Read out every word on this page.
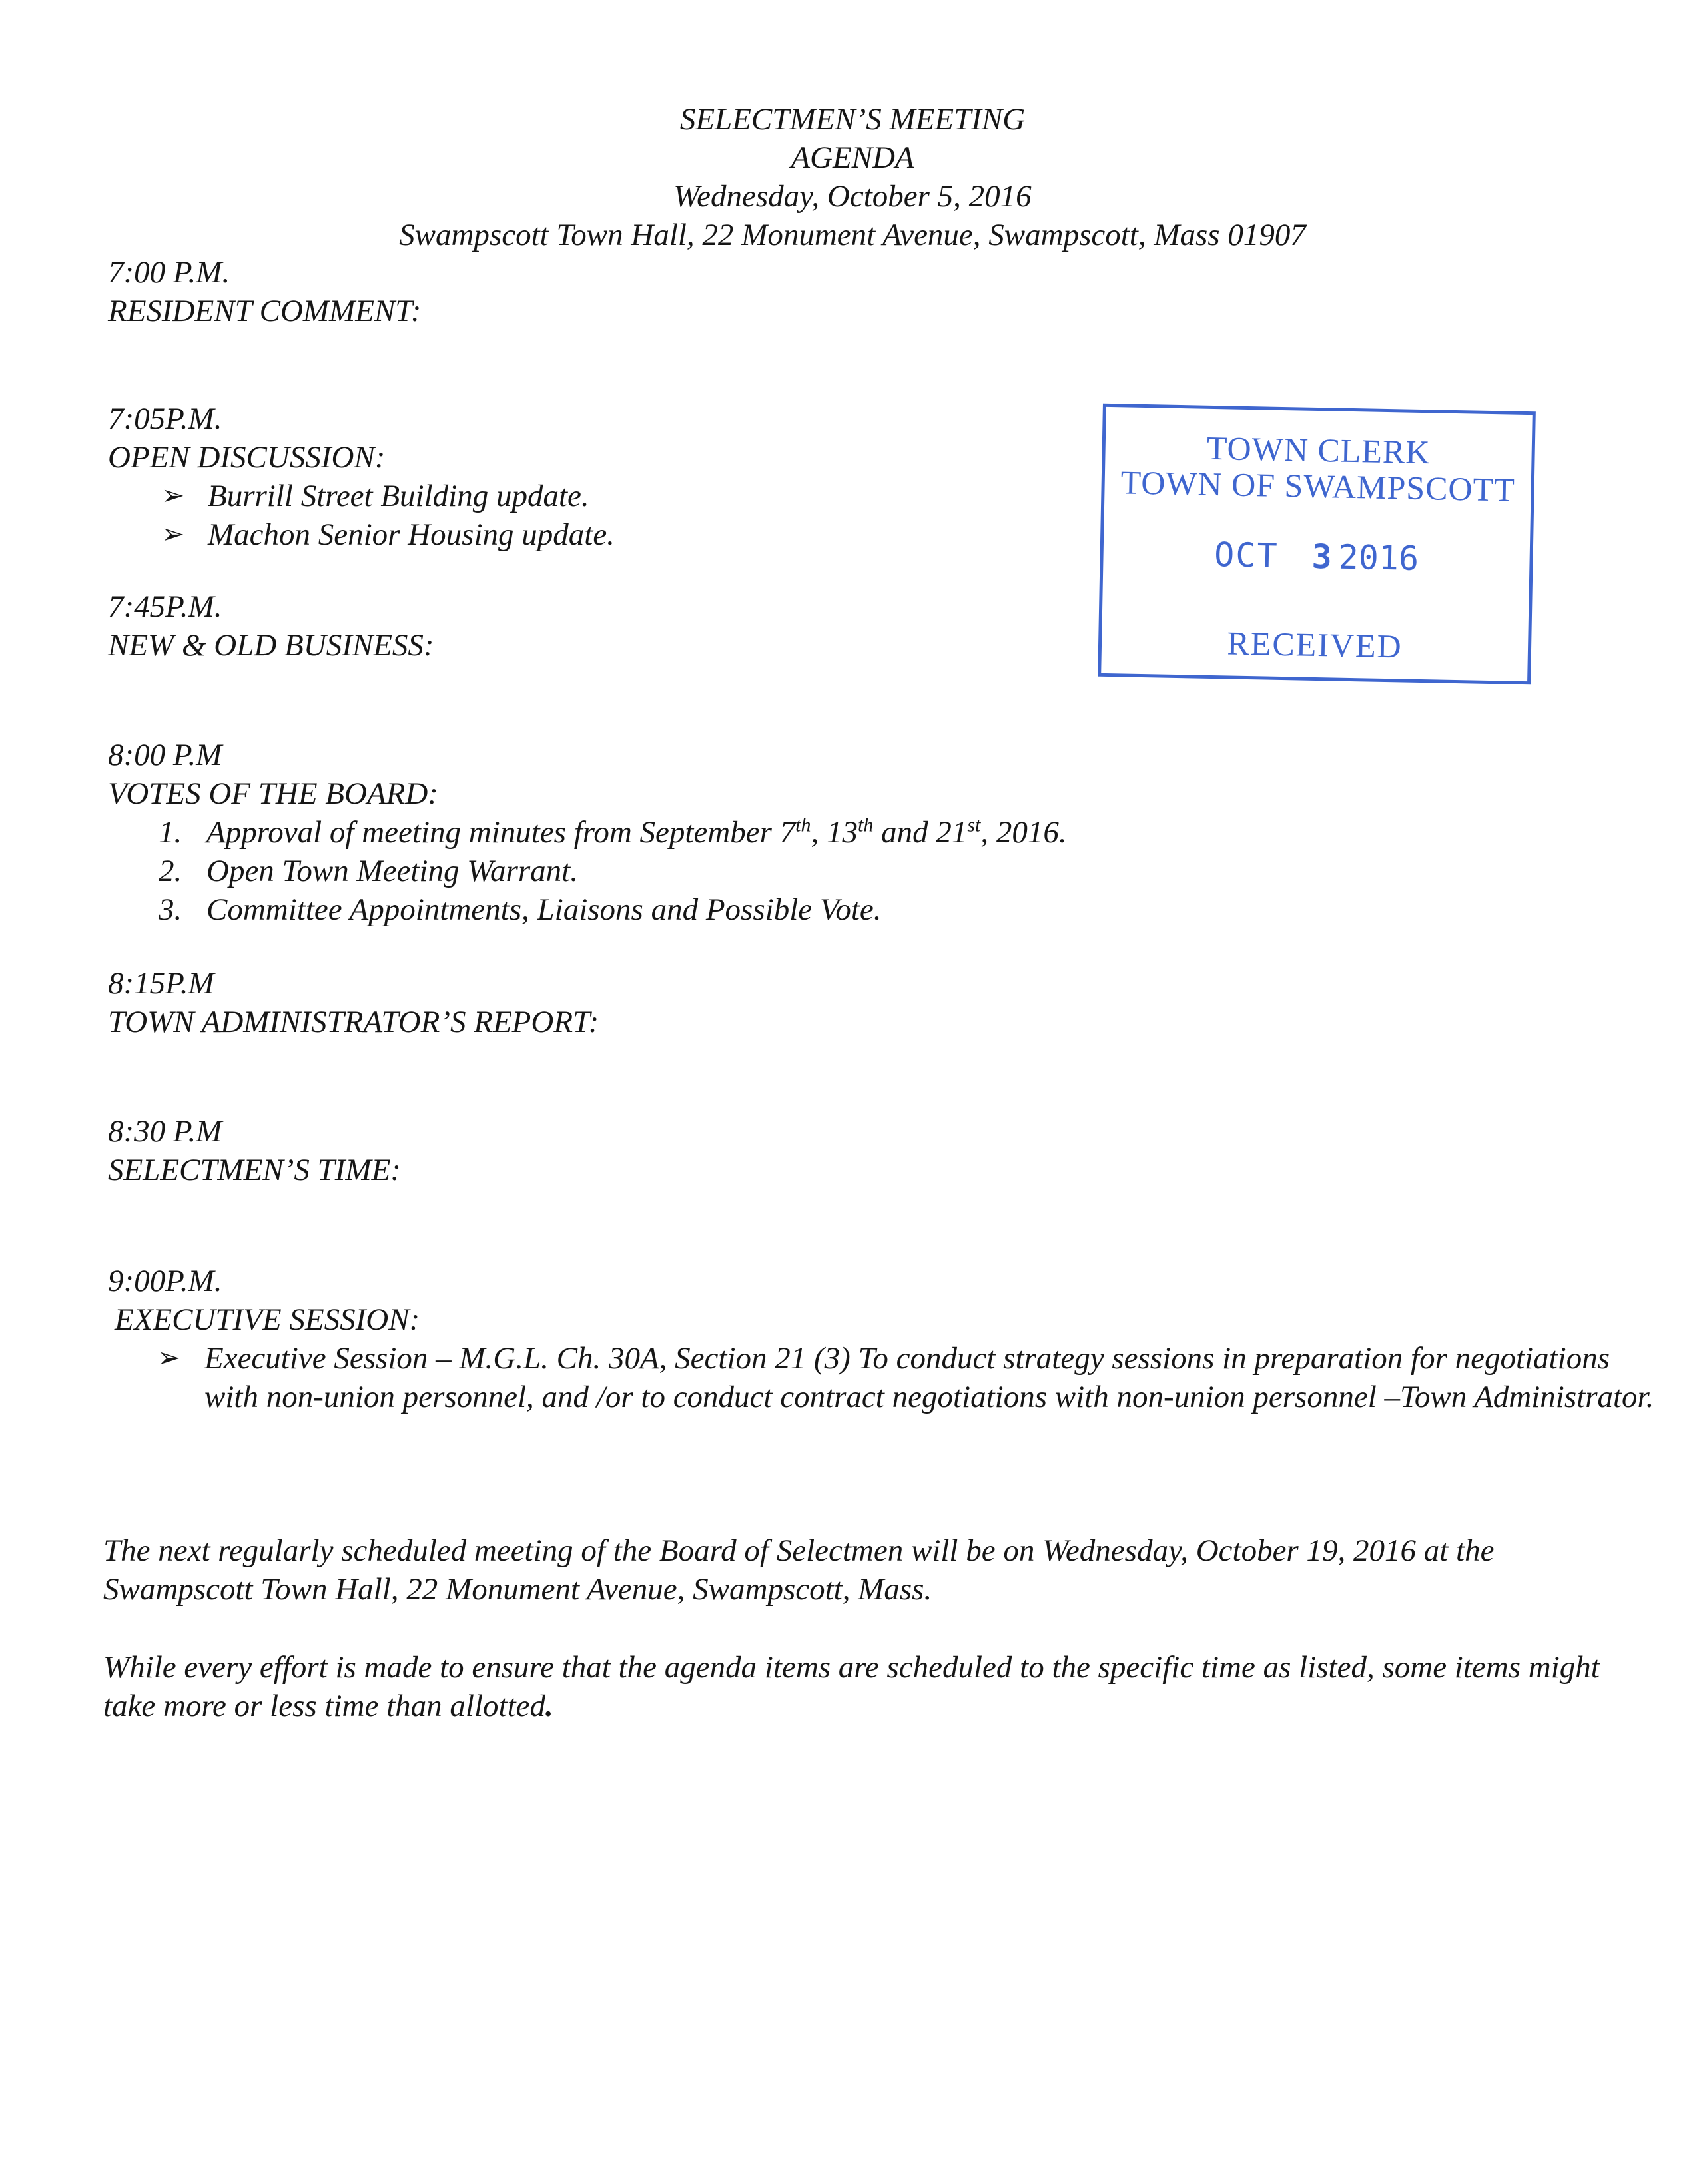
SELECTMEN’S MEETING
AGENDA
Wednesday, October 5, 2016
Swampscott Town Hall, 22 Monument Avenue, Swampscott, Mass 01907
7:00 P.M.
RESIDENT COMMENT:
7:05P.M.
OPEN DISCUSSION:
➢ Burrill Street Building update.
➢ Machon Senior Housing update.
7:45P.M.
NEW & OLD BUSINESS:
8:00 P.M
VOTES OF THE BOARD:
1. Approval of meeting minutes from September 7th, 13th and 21st, 2016.
2. Open Town Meeting Warrant.
3. Committee Appointments, Liaisons and Possible Vote.
8:15P.M
TOWN ADMINISTRATOR’S REPORT:
8:30 P.M
SELECTMEN’S TIME:
9:00P.M.
EXECUTIVE SESSION:
➢ Executive Session – M.G.L. Ch. 30A, Section 21 (3) To conduct strategy sessions in preparation for negotiations with non-union personnel, and /or to conduct contract negotiations with non-union personnel –Town Administrator.
The next regularly scheduled meeting of the Board of Selectmen will be on Wednesday, October 19, 2016 at the Swampscott Town Hall, 22 Monument Avenue, Swampscott, Mass.
While every effort is made to ensure that the agenda items are scheduled to the specific time as listed, some items might take more or less time than allotted.
TOWN CLERK
TOWN OF SWAMPSCOTT
OCT 3 2016
RECEIVED
